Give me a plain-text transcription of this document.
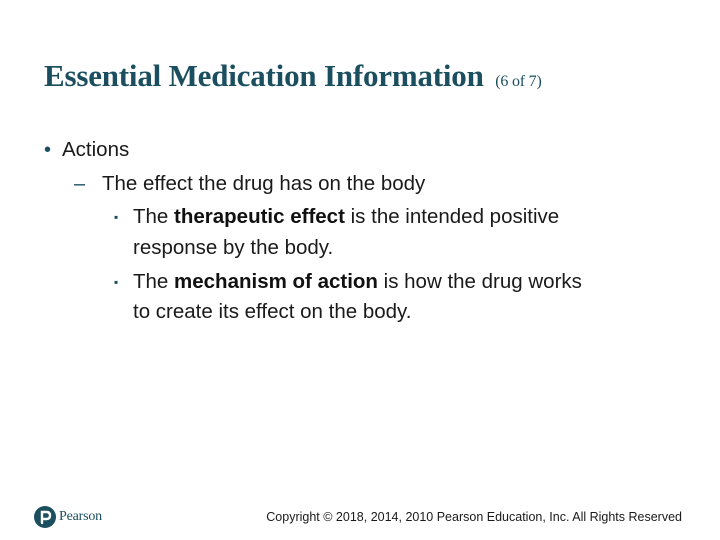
Essential Medication Information (6 of 7)
• Actions
– The effect the drug has on the body
▪ The therapeutic effect is the intended positive
response by the body.
▪ The mechanism of action is how the drug works
to create its effect on the body.
Pearson	Copyright © 2018, 2014, 2010 Pearson Education, Inc. All Rights Reserved
